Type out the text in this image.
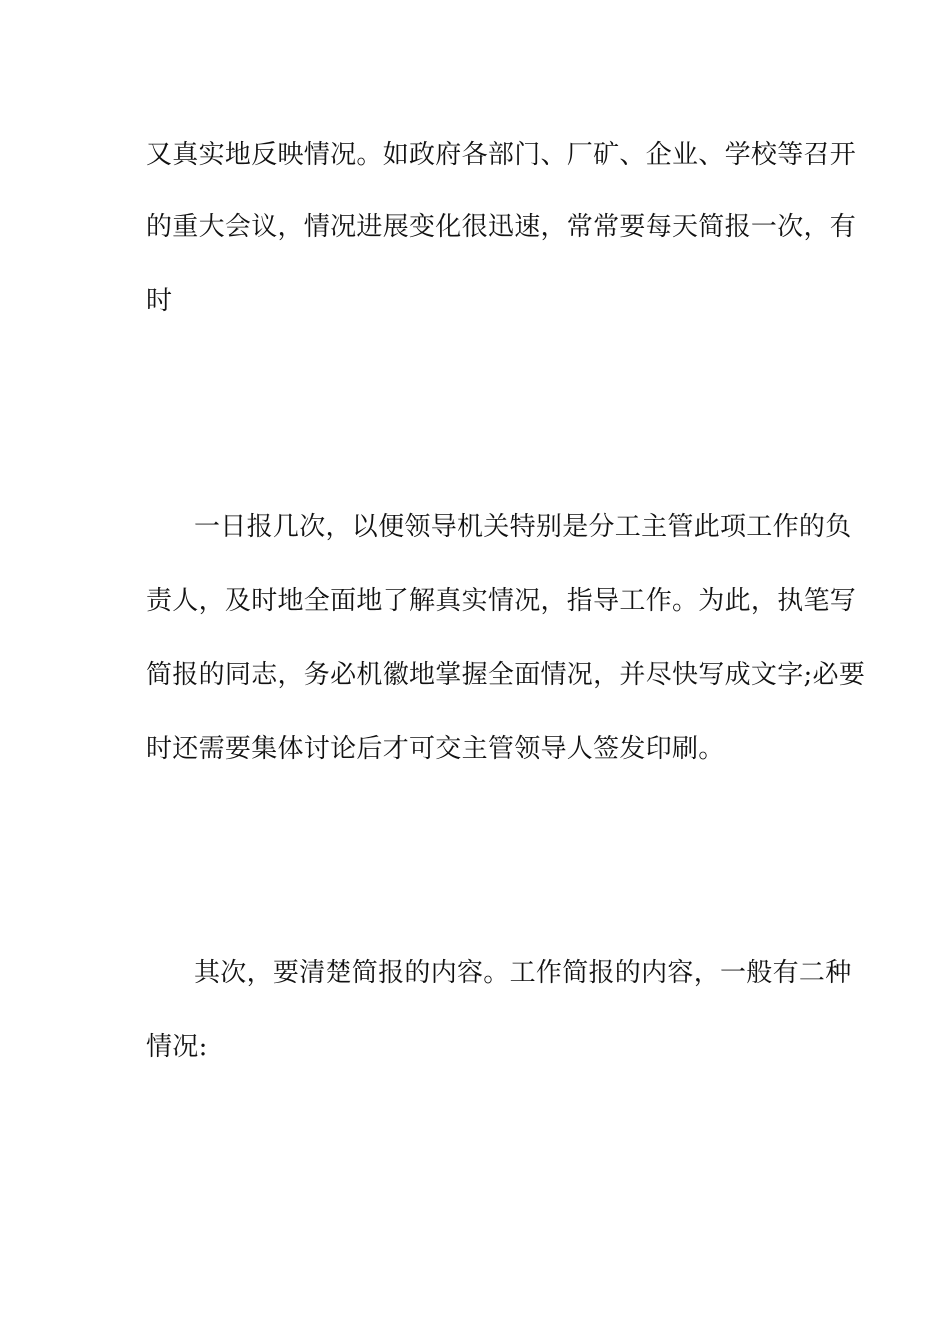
又真实地反映情况。如政府各部门、厂矿、企业、学校等召开
的重大会议，情况进展变化很迅速，常常要每天简报一次，有
时
一日报几次，以便领导机关特别是分工主管此项工作的负
责人，及时地全面地了解真实情况，指导工作。为此，执笔写
简报的同志，务必机徽地掌握全面情况，并尽快写成文字;必要
时还需要集体讨论后才可交主管领导人签发印刷。
其次，要清楚简报的内容。工作简报的内容，一般有二种
情况:
